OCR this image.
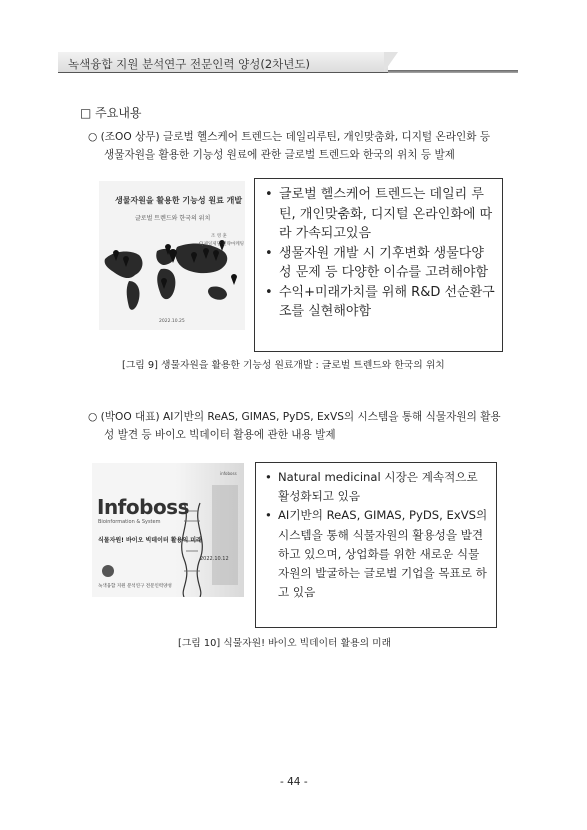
녹색융합 지원 분석연구 전문인력 양성(2차년도)
□ 주요내용
○ (조OO 상무) 글로벌 헬스케어 트렌드는 데일리루틴, 개인맞춤화, 디지털 온라인화 등
생물자원을 활용한 기능성 원료에 관한 글로벌 트렌드와 한국의 위치 등 발제
생물자원을 활용한 기능성 원료 개발
글로벌 트렌드와 한국의 위치
조 영 훈
CJ제일제당 전략마케팅
2022.10.25
• 글로벌 헬스케어 트렌드는 데일리 루틴, 개인맞춤화, 디지털 온라인화에 따라 가속되고있음
• 생물자원 개발 시 기후변화 생물다양성 문제 등 다양한 이슈를 고려해야함
• 수익+미래가치를 위해 R&D 선순환구조를 실현해야함
[그림 9] 생물자원을 활용한 기능성 원료개발 : 글로벌 트렌드와 한국의 위치
○ (박OO 대표) AI기반의 ReAS, GIMAS, PyDS, ExVS의 시스템을 통해 식물자원의 활용
성 발견 등 바이오 빅데이터 활용에 관한 내용 발제
infoboss
Infoboss
Bioinformation & System
식물자원! 바이오 빅데이터 활용의 미래
2022.10.12
녹색융합 지원 분석연구 전문인력양성
• Natural medicinal 시장은 계속적으로 활성화되고 있음
• AI기반의 ReAS, GIMAS, PyDS, ExVS의 시스템을 통해 식물자원의 활용성을 발견하고 있으며, 상업화를 위한 새로운 식물 자원의 발굴하는 글로벌 기업을 목표로 하고 있음
[그림 10] 식물자원! 바이오 빅데이터 활용의 미래
- 44 -
